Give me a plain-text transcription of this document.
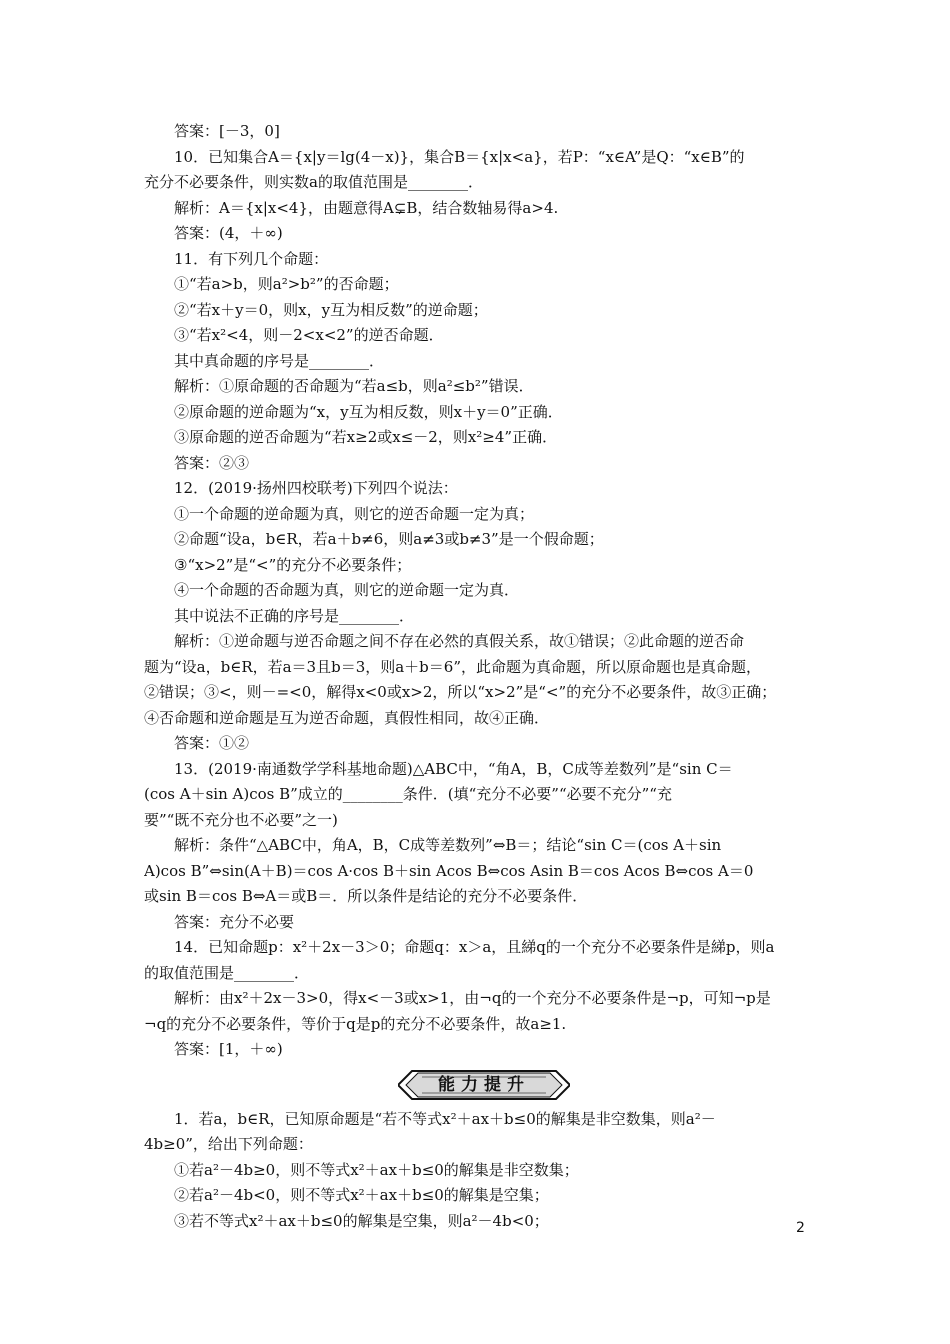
答案：[－3，0]
10．已知集合A＝{x|y＝lg(4－x)}，集合B＝{x|x<a}，若P：“x∈A”是Q：“x∈B”的
充分不必要条件，则实数a的取值范围是________．
解析：A＝{x|x<4}，由题意得A⊊B，结合数轴易得a>4.
答案：(4，＋∞)
11．有下列几个命题：
①“若a>b，则a²>b²”的否命题；
②“若x＋y＝0，则x，y互为相反数”的逆命题；
③“若x²<4，则－2<x<2”的逆否命题．
其中真命题的序号是________．
解析：①原命题的否命题为“若a≤b，则a²≤b²”错误．
②原命题的逆命题为“x，y互为相反数，则x＋y＝0”正确．
③原命题的逆否命题为“若x≥2或x≤－2，则x²≥4”正确．
答案：②③
12．(2019·扬州四校联考)下列四个说法：
①一个命题的逆命题为真，则它的逆否命题一定为真；
②命题“设a，b∈R，若a＋b≠6，则a≠3或b≠3”是一个假命题；
③“x>2”是“<”的充分不必要条件；
④一个命题的否命题为真，则它的逆命题一定为真．
其中说法不正确的序号是________．
解析：①逆命题与逆否命题之间不存在必然的真假关系，故①错误；②此命题的逆否命
题为“设a，b∈R，若a＝3且b＝3，则a＋b＝6”，此命题为真命题，所以原命题也是真命题，
②错误；③<，则－=<0，解得x<0或x>2，所以“x>2”是“<”的充分不必要条件，故③正确；
④否命题和逆命题是互为逆否命题，真假性相同，故④正确．
答案：①②
13．(2019·南通数学学科基地命题)△ABC中，“角A，B，C成等差数列”是“sin C＝
(cos A＋sin A)cos B”成立的________条件．(填“充分不必要”“必要不充分”“充
要”“既不充分也不必要”之一)
解析：条件“△ABC中，角A，B，C成等差数列”⇔B＝；结论“sin C＝(cos A＋sin
A)cos B”⇔sin(A＋B)＝cos A·cos B＋sin Acos B⇔cos Asin B＝cos Acos B⇔cos A＝0
或sin B＝cos B⇔A＝或B＝．所以条件是结论的充分不必要条件．
答案：充分不必要
14．已知命题p：x²＋2x－3＞0；命题q：x＞a，且綈q的一个充分不必要条件是綈p，则a
的取值范围是________．
解析：由x²＋2x－3>0，得x<－3或x>1，由¬q的一个充分不必要条件是¬p，可知¬p是
¬q的充分不必要条件，等价于q是p的充分不必要条件，故a≥1.
答案：[1，＋∞)
能力提升
1．若a，b∈R，已知原命题是“若不等式x²＋ax＋b≤0的解集是非空数集，则a²－
4b≥0”，给出下列命题：
①若a²－4b≥0，则不等式x²＋ax＋b≤0的解集是非空数集；
②若a²－4b<0，则不等式x²＋ax＋b≤0的解集是空集；
③若不等式x²＋ax＋b≤0的解集是空集，则a²－4b<0；	2
